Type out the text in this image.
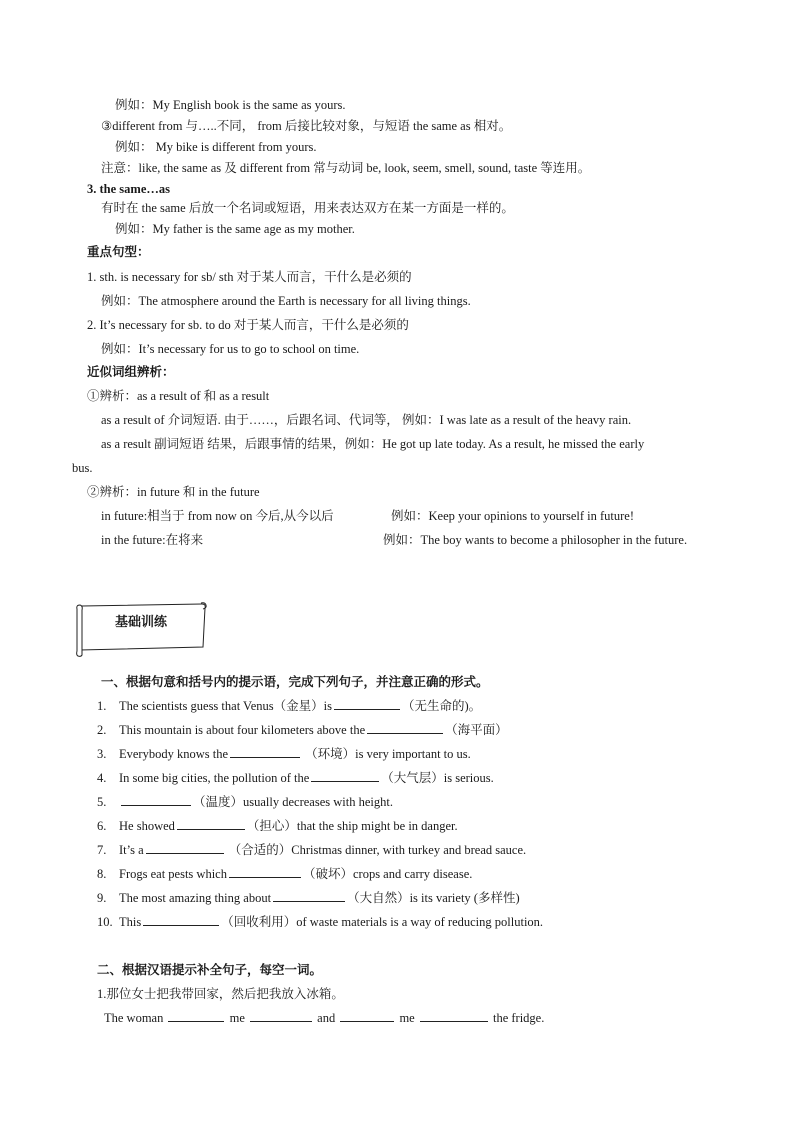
例如：My English book is the same as yours.
③different from 与…..不同， from 后接比较对象，与短语 the same as 相对。
例如： My bike is different from yours.
注意：like, the same as 及 different from 常与动词 be, look, seem, smell, sound, taste 等连用。
3. the same…as
有时在 the same 后放一个名词或短语，用来表达双方在某一方面是一样的。
例如：My father is the same age as my mother.
重点句型：
1. sth. is necessary for sb/ sth 对于某人而言，干什么是必须的
例如：The atmosphere around the Earth is necessary for all living things.
2. It’s necessary for sb. to do 对于某人而言，干什么是必须的
例如：It’s necessary for us to go to school on time.
近似词组辨析：
①辨析：as a result of 和 as a result
as a result of 介词短语. 由于……，后跟名词、代词等， 例如：I was late as a result of the heavy rain.
as a result 副词短语 结果，后跟事情的结果，例如：He got up late today. As a result, he missed the early
bus.
②辨析：in future 和 in the future
in future:相当于 from now on 今后,从今以后	例如：Keep your opinions to yourself in future!
in the future:在将来	例如：The boy wants to become a philosopher in the future.
基础训练
一、根据句意和括号内的提示语，完成下列句子，并注意正确的形式。
1. The scientists guess that Venus（金星）is	（无生命的)。
2. This mountain is about four kilometers above the	（海平面）
3. Everybody knows the	（环境）is very important to us.
4. In some big cities, the pollution of the	（大气层）is serious.
5.	（温度）usually decreases with height.
6. He showed	（担心）that the ship might be in danger.
7. It’s a	（合适的）Christmas dinner, with turkey and bread sauce.
8. Frogs eat pests which	（破坏）crops and carry disease.
9. The most amazing thing about	（大自然）is its variety (多样性)
10. This	（回收利用）of waste materials is a way of reducing pollution.
二、根据汉语提示补全句子，每空一词。
1.那位女士把我带回家，然后把我放入冰箱。
The woman	me	and	me	the fridge.
